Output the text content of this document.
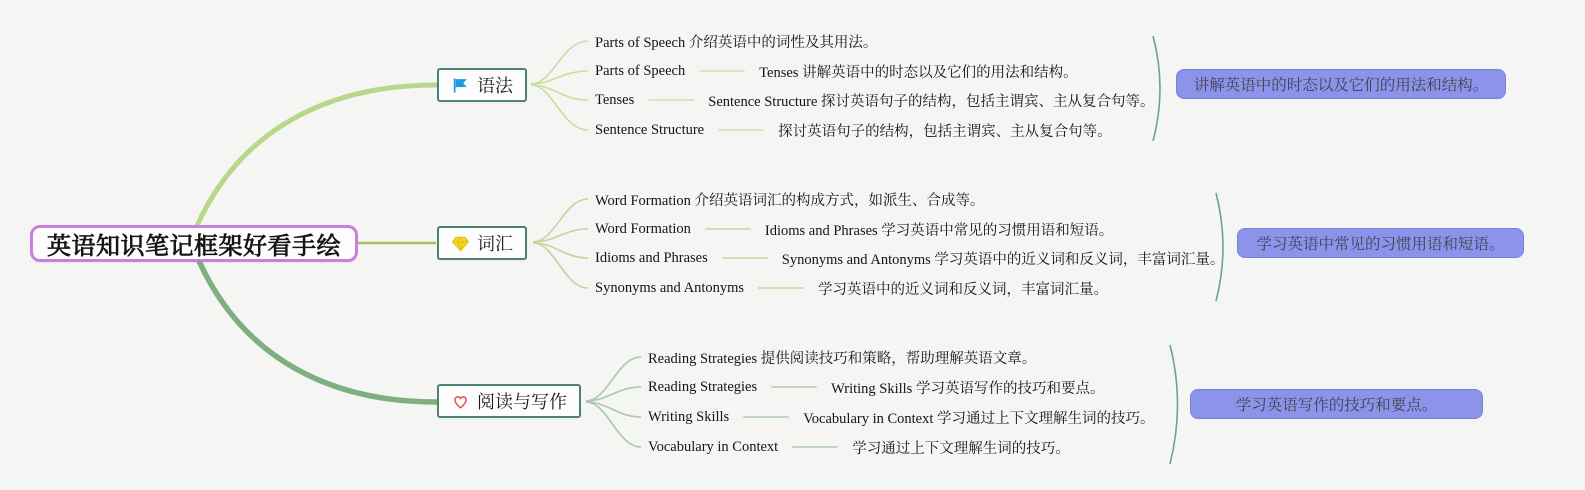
英语知识笔记框架好看手绘
语法
词汇
阅读与写作
Parts of Speech 介绍英语中的词性及其用法。
Parts of Speech	Tenses 讲解英语中的时态以及它们的用法和结构。
Tenses	Sentence Structure 探讨英语句子的结构，包括主谓宾、主从复合句等。
Sentence Structure	探讨英语句子的结构，包括主谓宾、主从复合句等。
Word Formation 介绍英语词汇的构成方式，如派生、合成等。
Word Formation	Idioms and Phrases 学习英语中常见的习惯用语和短语。
Idioms and Phrases	Synonyms and Antonyms 学习英语中的近义词和反义词，丰富词汇量。
Synonyms and Antonyms	学习英语中的近义词和反义词，丰富词汇量。
Reading Strategies 提供阅读技巧和策略，帮助理解英语文章。
Reading Strategies	Writing Skills 学习英语写作的技巧和要点。
Writing Skills	Vocabulary in Context 学习通过上下文理解生词的技巧。
Vocabulary in Context	学习通过上下文理解生词的技巧。
讲解英语中的时态以及它们的用法和结构。
学习英语中常见的习惯用语和短语。
学习英语写作的技巧和要点。
